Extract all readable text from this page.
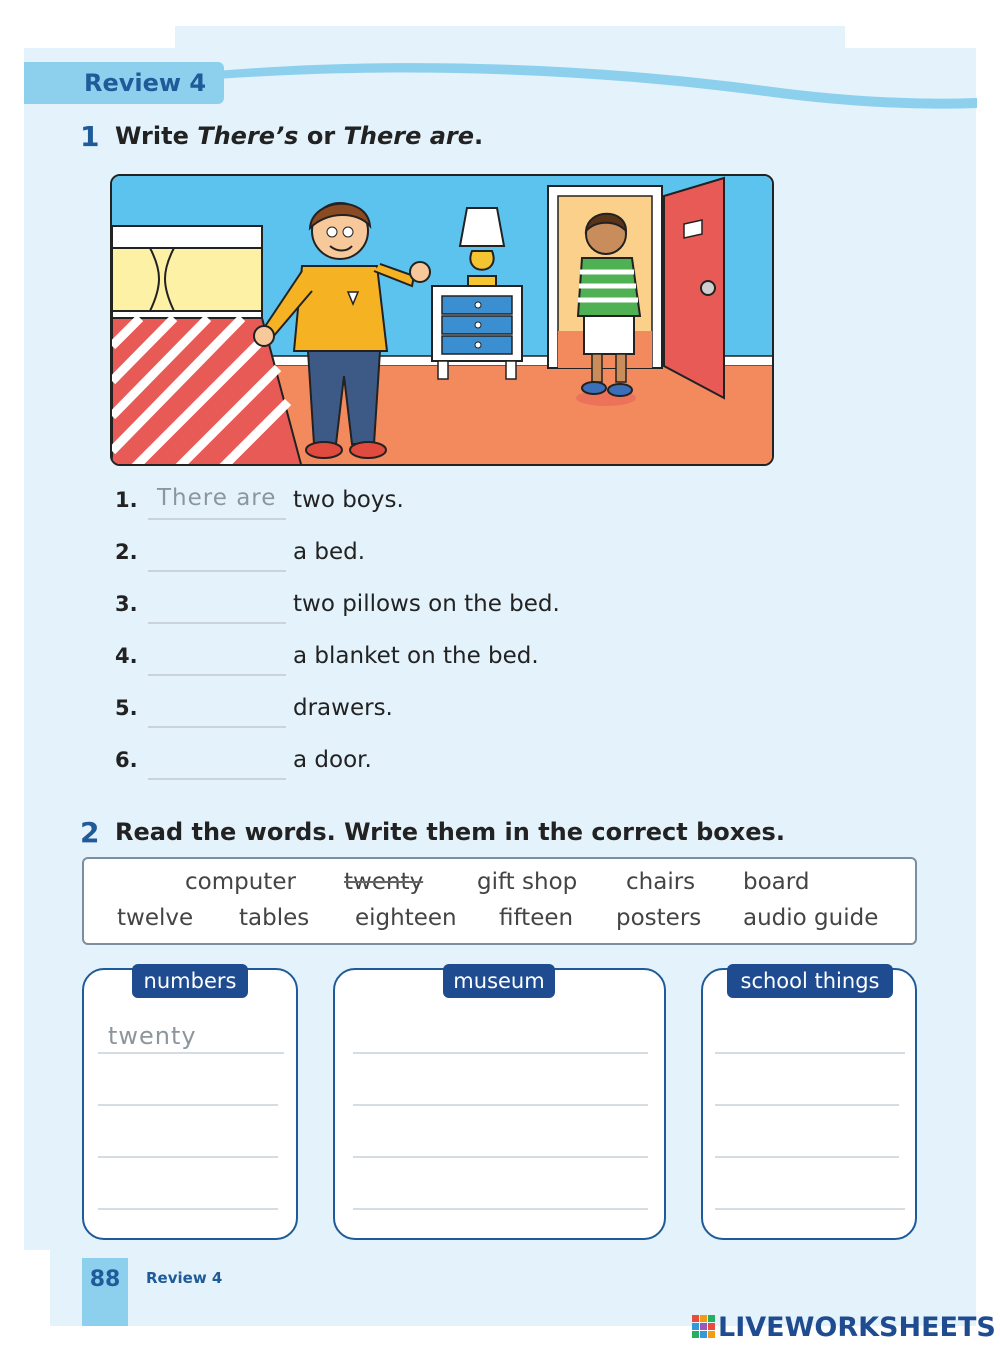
Review 4
1 Write There’s or There are.
1. There are two boys.
2.	a bed.
3.	two pillows on the bed.
4.	a blanket on the bed.
5.	drawers.
6.	a door.
2 Read the words. Write them in the correct boxes.
computer twenty gift shop chairs board
twelve tables eighteen fifteen posters audio guide
numbers
twenty
museum	school things
88	Review 4
LIVEWORKSHEETS
